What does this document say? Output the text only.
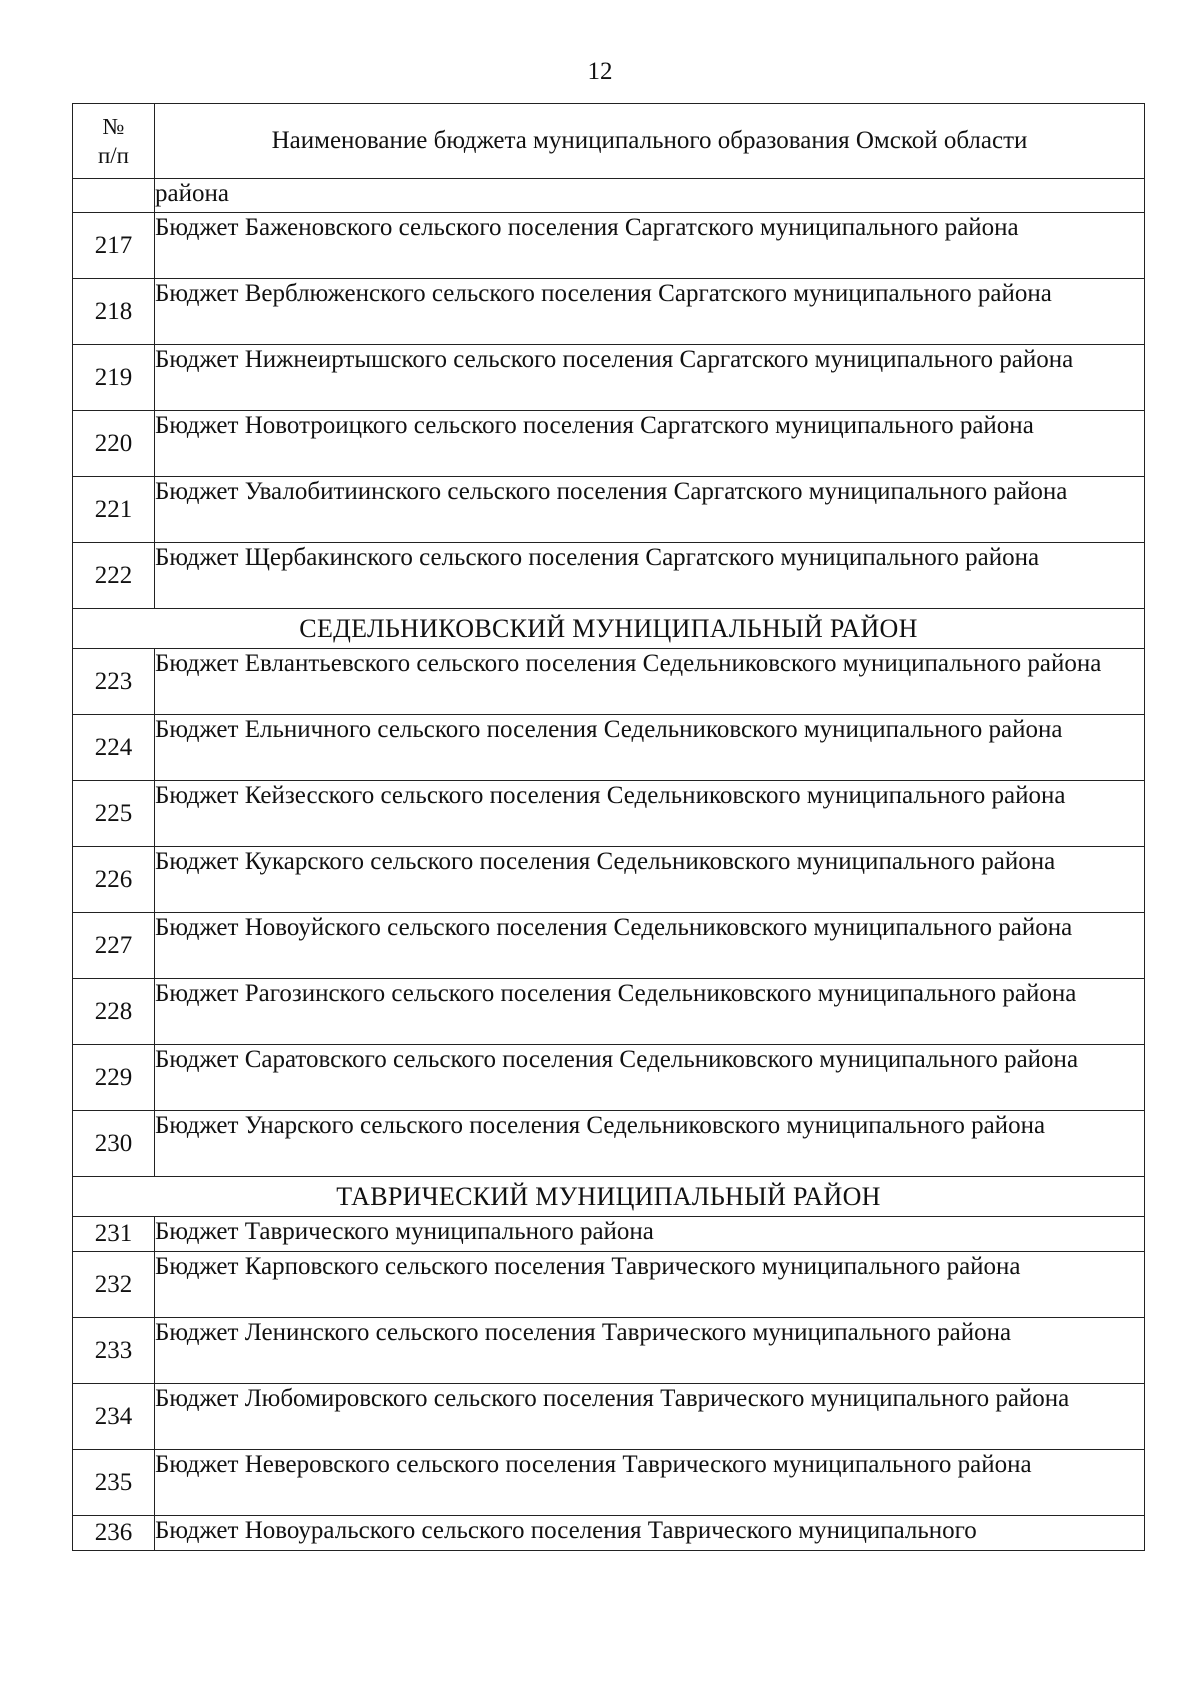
12
№
п/п	Наименование бюджета муниципального образования Омской области
	района
217	Бюджет Баженовского сельского поселения Саргатского муниципального района
218	Бюджет Верблюженского сельского поселения Саргатского муниципального района
219	Бюджет Нижнеиртышского сельского поселения Саргатского муниципального района
220	Бюджет Новотроицкого сельского поселения Саргатского муниципального района
221	Бюджет Увалобитиинского сельского поселения Саргатского муниципального района
222	Бюджет Щербакинского сельского поселения Саргатского муниципального района
СЕДЕЛЬНИКОВСКИЙ МУНИЦИПАЛЬНЫЙ РАЙОН	
223	Бюджет Евлантьевского сельского поселения Седельниковского муниципального района
224	Бюджет Ельничного сельского поселения Седельниковского муниципального района
225	Бюджет Кейзесского сельского поселения Седельниковского муниципального района
226	Бюджет Кукарского сельского поселения Седельниковского муниципального района
227	Бюджет Новоуйского сельского поселения Седельниковского муниципального района
228	Бюджет Рагозинского сельского поселения Седельниковского муниципального района
229	Бюджет Саратовского сельского поселения Седельниковского муниципального района
230	Бюджет Унарского сельского поселения Седельниковского муниципального района
ТАВРИЧЕСКИЙ МУНИЦИПАЛЬНЫЙ РАЙОН	
231	Бюджет Таврического муниципального района
232	Бюджет Карповского сельского поселения Таврического муниципального района
233	Бюджет Ленинского сельского поселения Таврического муниципального района
234	Бюджет Любомировского сельского поселения Таврического муниципального района
235	Бюджет Неверовского сельского поселения Таврического муниципального района
236	Бюджет Новоуральского сельского поселения Таврического муниципального
